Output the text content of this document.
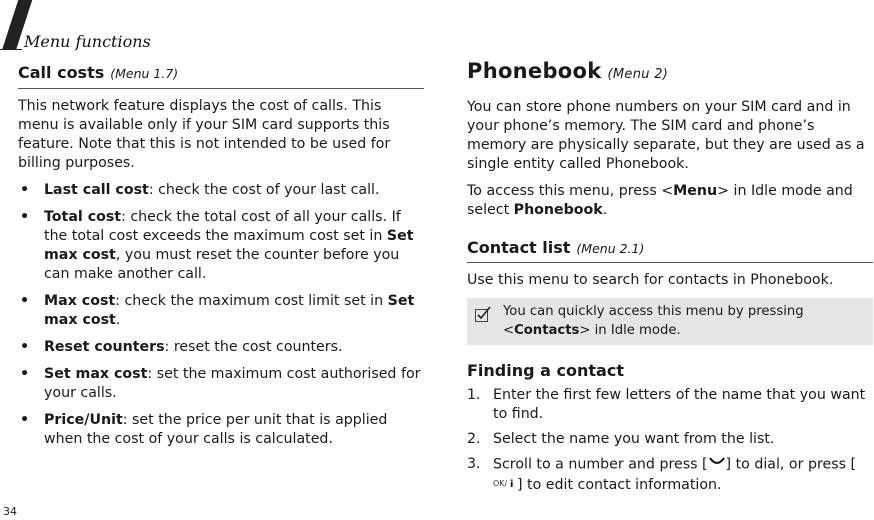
Menu functions
Call costs (Menu 1.7)

This network feature displays the cost of calls. This menu is available only if your SIM card supports this feature. Note that this is not intended to be used for billing purposes.

• Last call cost: check the cost of your last call.
• Total cost: check the total cost of all your calls. If the total cost exceeds the maximum cost set in Set max cost, you must reset the counter before you can make another call.
• Max cost: check the maximum cost limit set in Set max cost.
• Reset counters: reset the cost counters.
• Set max cost: set the maximum cost authorised for your calls.
• Price/Unit: set the price per unit that is applied when the cost of your calls is calculated.
Phonebook (Menu 2)

You can store phone numbers on your SIM card and in your phone’s memory. The SIM card and phone’s memory are physically separate, but they are used as a single entity called Phonebook.

To access this menu, press <Menu> in Idle mode and select Phonebook.

Contact list (Menu 2.1)

Use this menu to search for contacts in Phonebook.

You can quickly access this menu by pressing <Contacts> in Idle mode.
Finding a contact
1. Enter the first few letters of the name that you want to find.
2. Select the name you want from the list.
3. Scroll to a number and press [ ] to dial, or press [
OK/ i ] to edit contact information.
34
